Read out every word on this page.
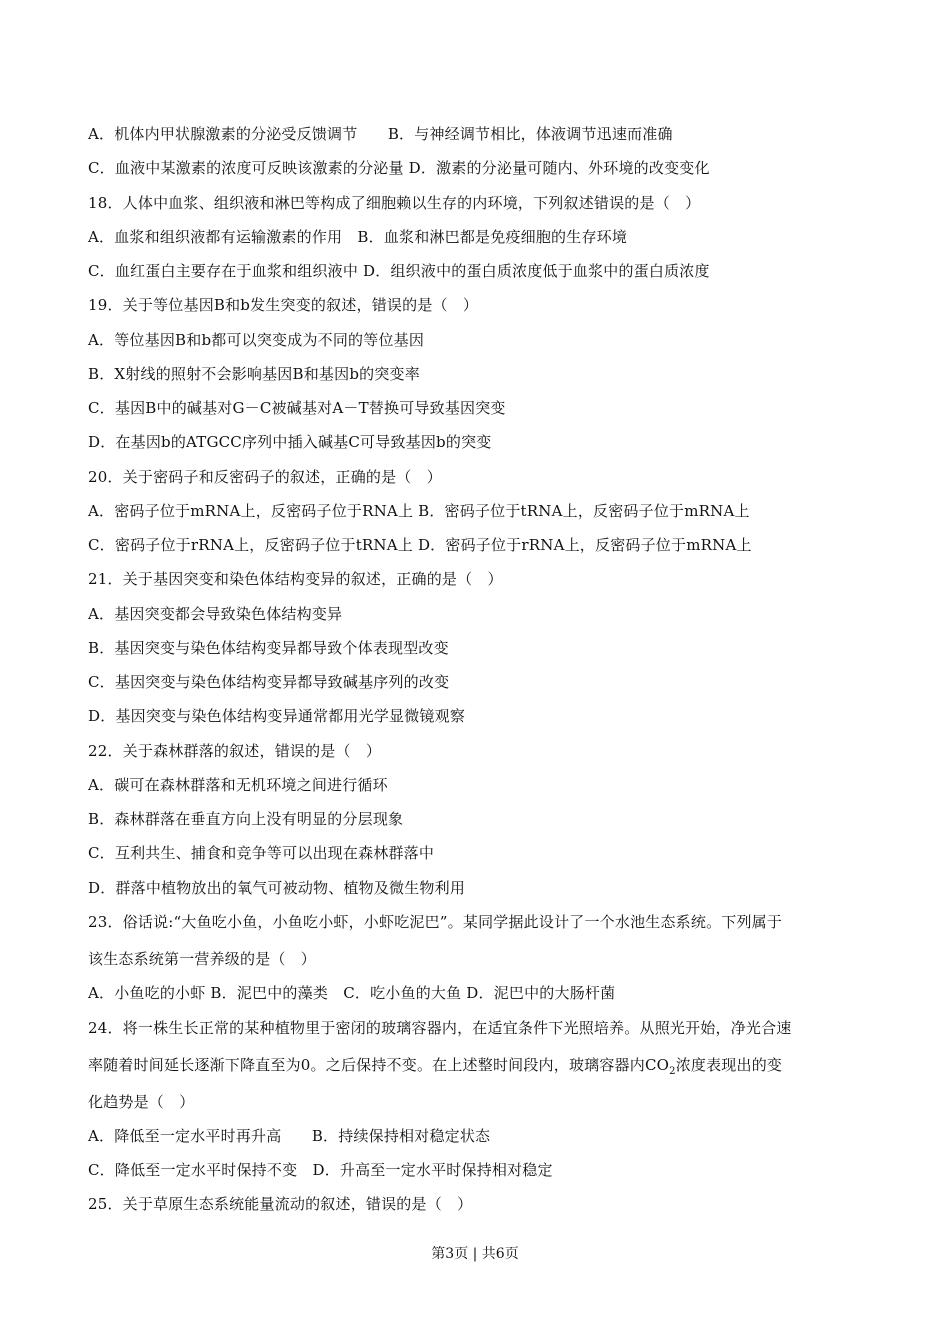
A．机体内甲状腺激素的分泌受反馈调节　　B．与神经调节相比，体液调节迅速而准确
C．血液中某激素的浓度可反映该激素的分泌量 D．激素的分泌量可随内、外环境的改变变化
18．人体中血浆、组织液和淋巴等构成了细胞赖以生存的内环境，下列叙述错误的是（　）
A．血浆和组织液都有运输激素的作用　B．血浆和淋巴都是免疫细胞的生存环境
C．血红蛋白主要存在于血浆和组织液中 D．组织液中的蛋白质浓度低于血浆中的蛋白质浓度
19．关于等位基因B和b发生突变的叙述，错误的是（　）
A．等位基因B和b都可以突变成为不同的等位基因
B．X射线的照射不会影响基因B和基因b的突变率
C．基因B中的碱基对G－C被碱基对A－T替换可导致基因突变
D．在基因b的ATGCC序列中插入碱基C可导致基因b的突变
20．关于密码子和反密码子的叙述，正确的是（　）
A．密码子位于mRNA上，反密码子位于RNA上 B．密码子位于tRNA上，反密码子位于mRNA上
C．密码子位于rRNA上，反密码子位于tRNA上 D．密码子位于rRNA上，反密码子位于mRNA上
21．关于基因突变和染色体结构变异的叙述，正确的是（　）
A．基因突变都会导致染色体结构变异
B．基因突变与染色体结构变异都导致个体表现型改变
C．基因突变与染色体结构变异都导致碱基序列的改变
D．基因突变与染色体结构变异通常都用光学显微镜观察
22．关于森林群落的叙述，错误的是（　）
A．碳可在森林群落和无机环境之间进行循环
B．森林群落在垂直方向上没有明显的分层现象
C．互利共生、捕食和竞争等可以出现在森林群落中
D．群落中植物放出的氧气可被动物、植物及微生物利用
23．俗话说:“大鱼吃小鱼，小鱼吃小虾，小虾吃泥巴”。某同学据此设计了一个水池生态系统。下列属于
该生态系统第一营养级的是（　）
A．小鱼吃的小虾 B．泥巴中的藻类　C．吃小鱼的大鱼 D．泥巴中的大肠杆菌
24．将一株生长正常的某种植物里于密闭的玻璃容器内，在适宜条件下光照培养。从照光开始，净光合速
率随着时间延长逐渐下降直至为0。之后保持不变。在上述整时间段内，玻璃容器内$CO_2$浓度表现出的变
化趋势是（　）
A．降低至一定水平时再升高　　B．持续保持相对稳定状态
C．降低至一定水平时保持不变　D．升高至一定水平时保持相对稳定
25．关于草原生态系统能量流动的叙述，错误的是（　）
第3页 | 共6页
